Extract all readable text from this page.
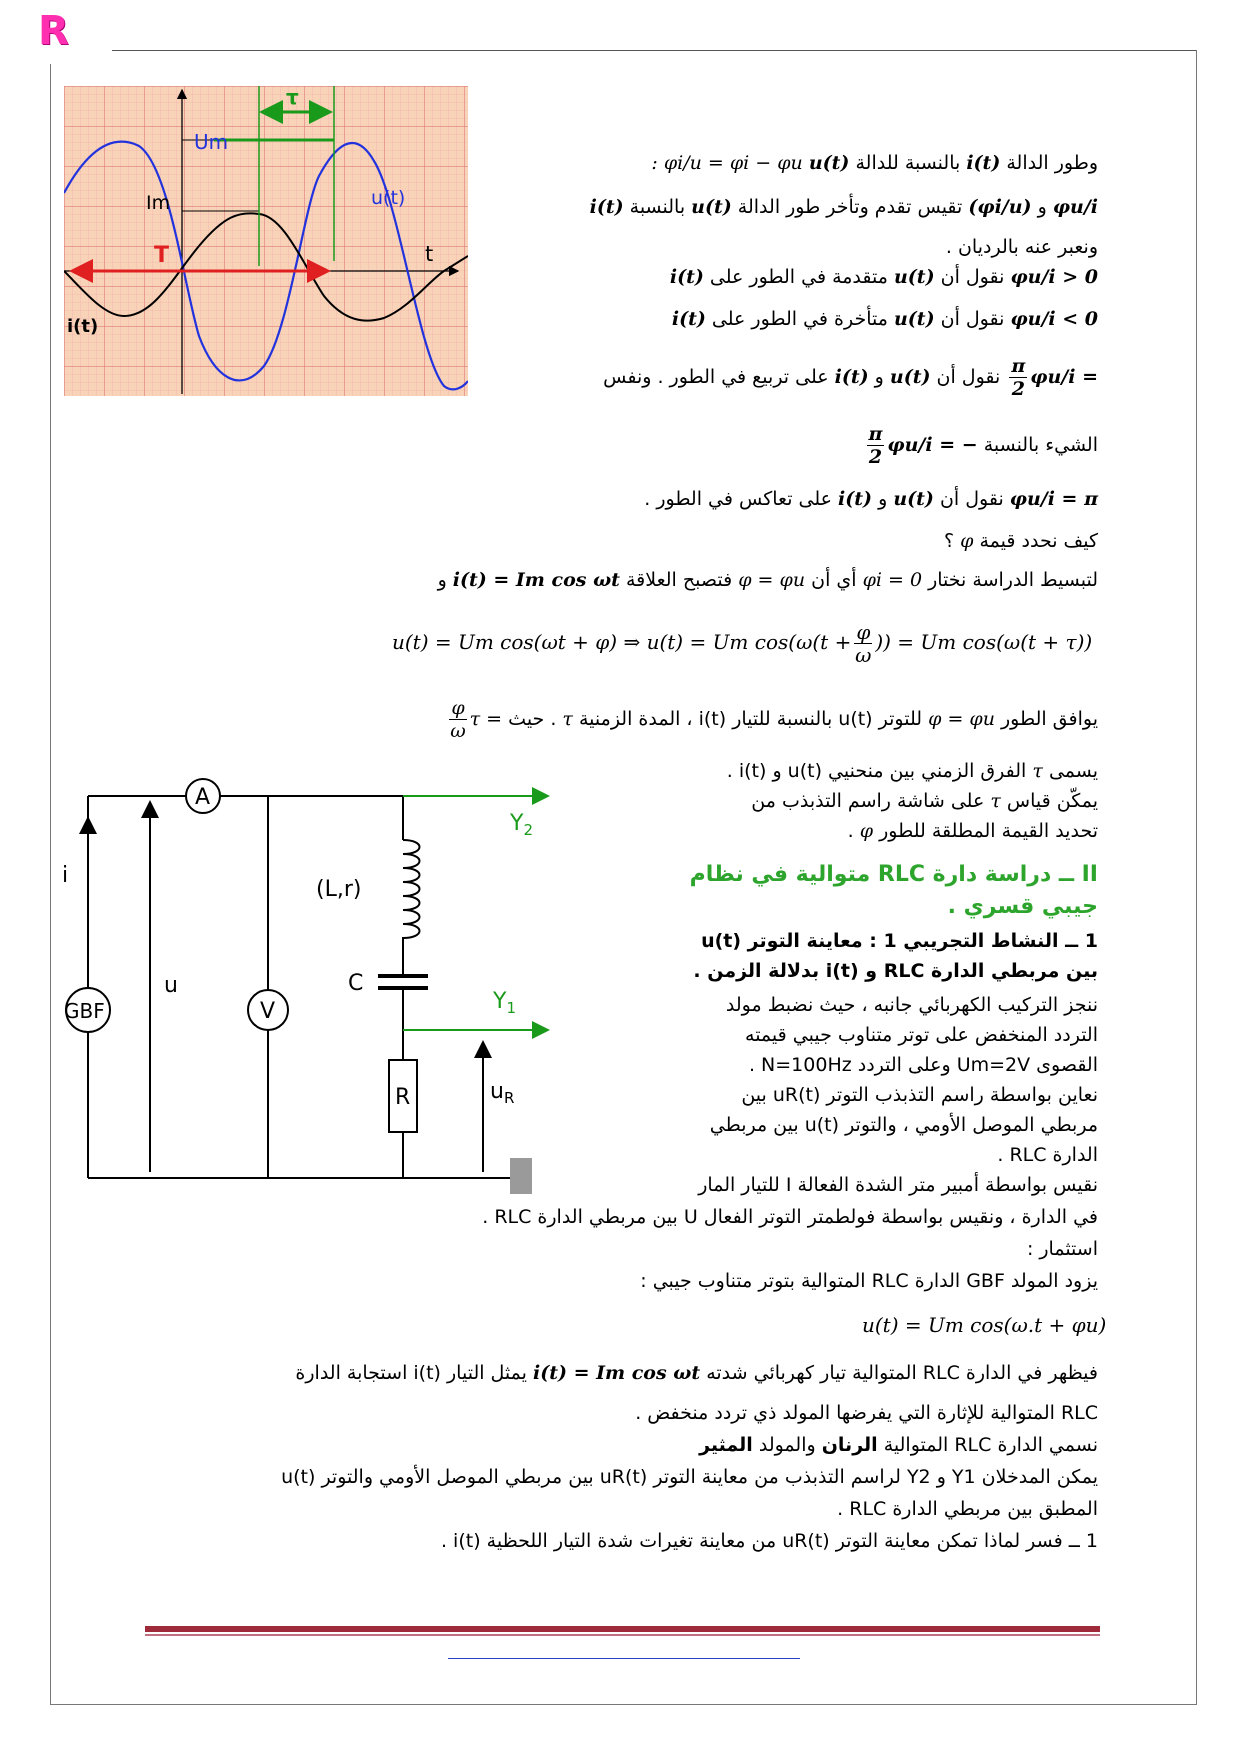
R
τ
Um
Im	u(t)
T	t
i(t)
A
i
(L,r)
GBF
u
V
C
R	$u_R$
$Y_2$
$Y_1$
وطور الدالة i(t) بالنسبة للدالة u(t) : φi/u = φi − φu
φu/i و (φi/u) تقيس تقدم وتأخر طور الدالة u(t) بالنسبة i(t)
ونعبر عنه بالرديان .
φu/i > 0 نقول أن u(t) متقدمة في الطور على i(t)
φu/i < 0 نقول أن u(t) متأخرة في الطور على i(t)
φu/i =
$\frac{\pi}{2}$
نقول أن u(t) و i(t) على تربيع في الطور . ونفس
الشيء بالنسبة φu/i = −
$\frac{\pi}{2}$
φu/i = π نقول أن u(t) و i(t) على تعاكس في الطور .
كيف نحدد قيمة φ ؟
لتبسيط الدراسة نختار φi = 0 أي أن φ = φu فتصبح العلاقة i(t) = Im cos ωt و
u(t) = Um cos(ωt + φ) ⇒ u(t) = Um $\cos(\omega(t + \frac{\varphi}{\omega}$ )) = Um cos(ω(t + τ))
يوافق الطور φ = φu للتوتر u(t) بالنسبة للتيار i(t) ، المدة الزمنية τ . حيث τ =
$\frac{\varphi}{\omega}$
يسمى τ الفرق الزمني بين منحنيي u(t) و i(t) .
يمكّن قياس τ على شاشة راسم التذبذب من
تحديد القيمة المطلقة للطور φ .
II ــ دراسة دارة RLC متوالية في نظام
جيبي قسري .
1 ــ النشاط التجريبي 1 : معاينة التوتر u(t)
بين مربطي الدارة RLC و i(t) بدلالة الزمن .
ننجز التركيب الكهربائي جانبه ، حيث نضبط مولد
التردد المنخفض على توتر متناوب جيبي قيمته
القصوى Um=2V وعلى التردد N=100Hz .
نعاين بواسطة راسم التذبذب التوتر uR(t) بين
مربطي الموصل الأومي ، والتوتر u(t) بين مربطي
الدارة RLC .
نقيس بواسطة أمبير متر الشدة الفعالة I للتيار المار
في الدارة ، ونقيس بواسطة فولطمتر التوتر الفعال U بين مربطي الدارة RLC .
استثمار :
يزود المولد GBF الدارة RLC المتوالية بتوتر متناوب جيبي :
u(t) = Um cos(ω.t + φu)
فيظهر في الدارة RLC المتوالية تيار كهربائي شدته i(t) = Im cos ωt يمثل التيار i(t) استجابة الدارة
RLC المتوالية للإثارة التي يفرضها المولد ذي تردد منخفض .
نسمي الدارة RLC المتوالية الرنان والمولد المثير
يمكن المدخلان Y1 و Y2 لراسم التذبذب من معاينة التوتر uR(t) بين مربطي الموصل الأومي والتوتر u(t)
المطبق بين مربطي الدارة RLC .
1 ــ فسر لماذا تمكن معاينة التوتر uR(t) من معاينة تغيرات شدة التيار اللحظية i(t) .
